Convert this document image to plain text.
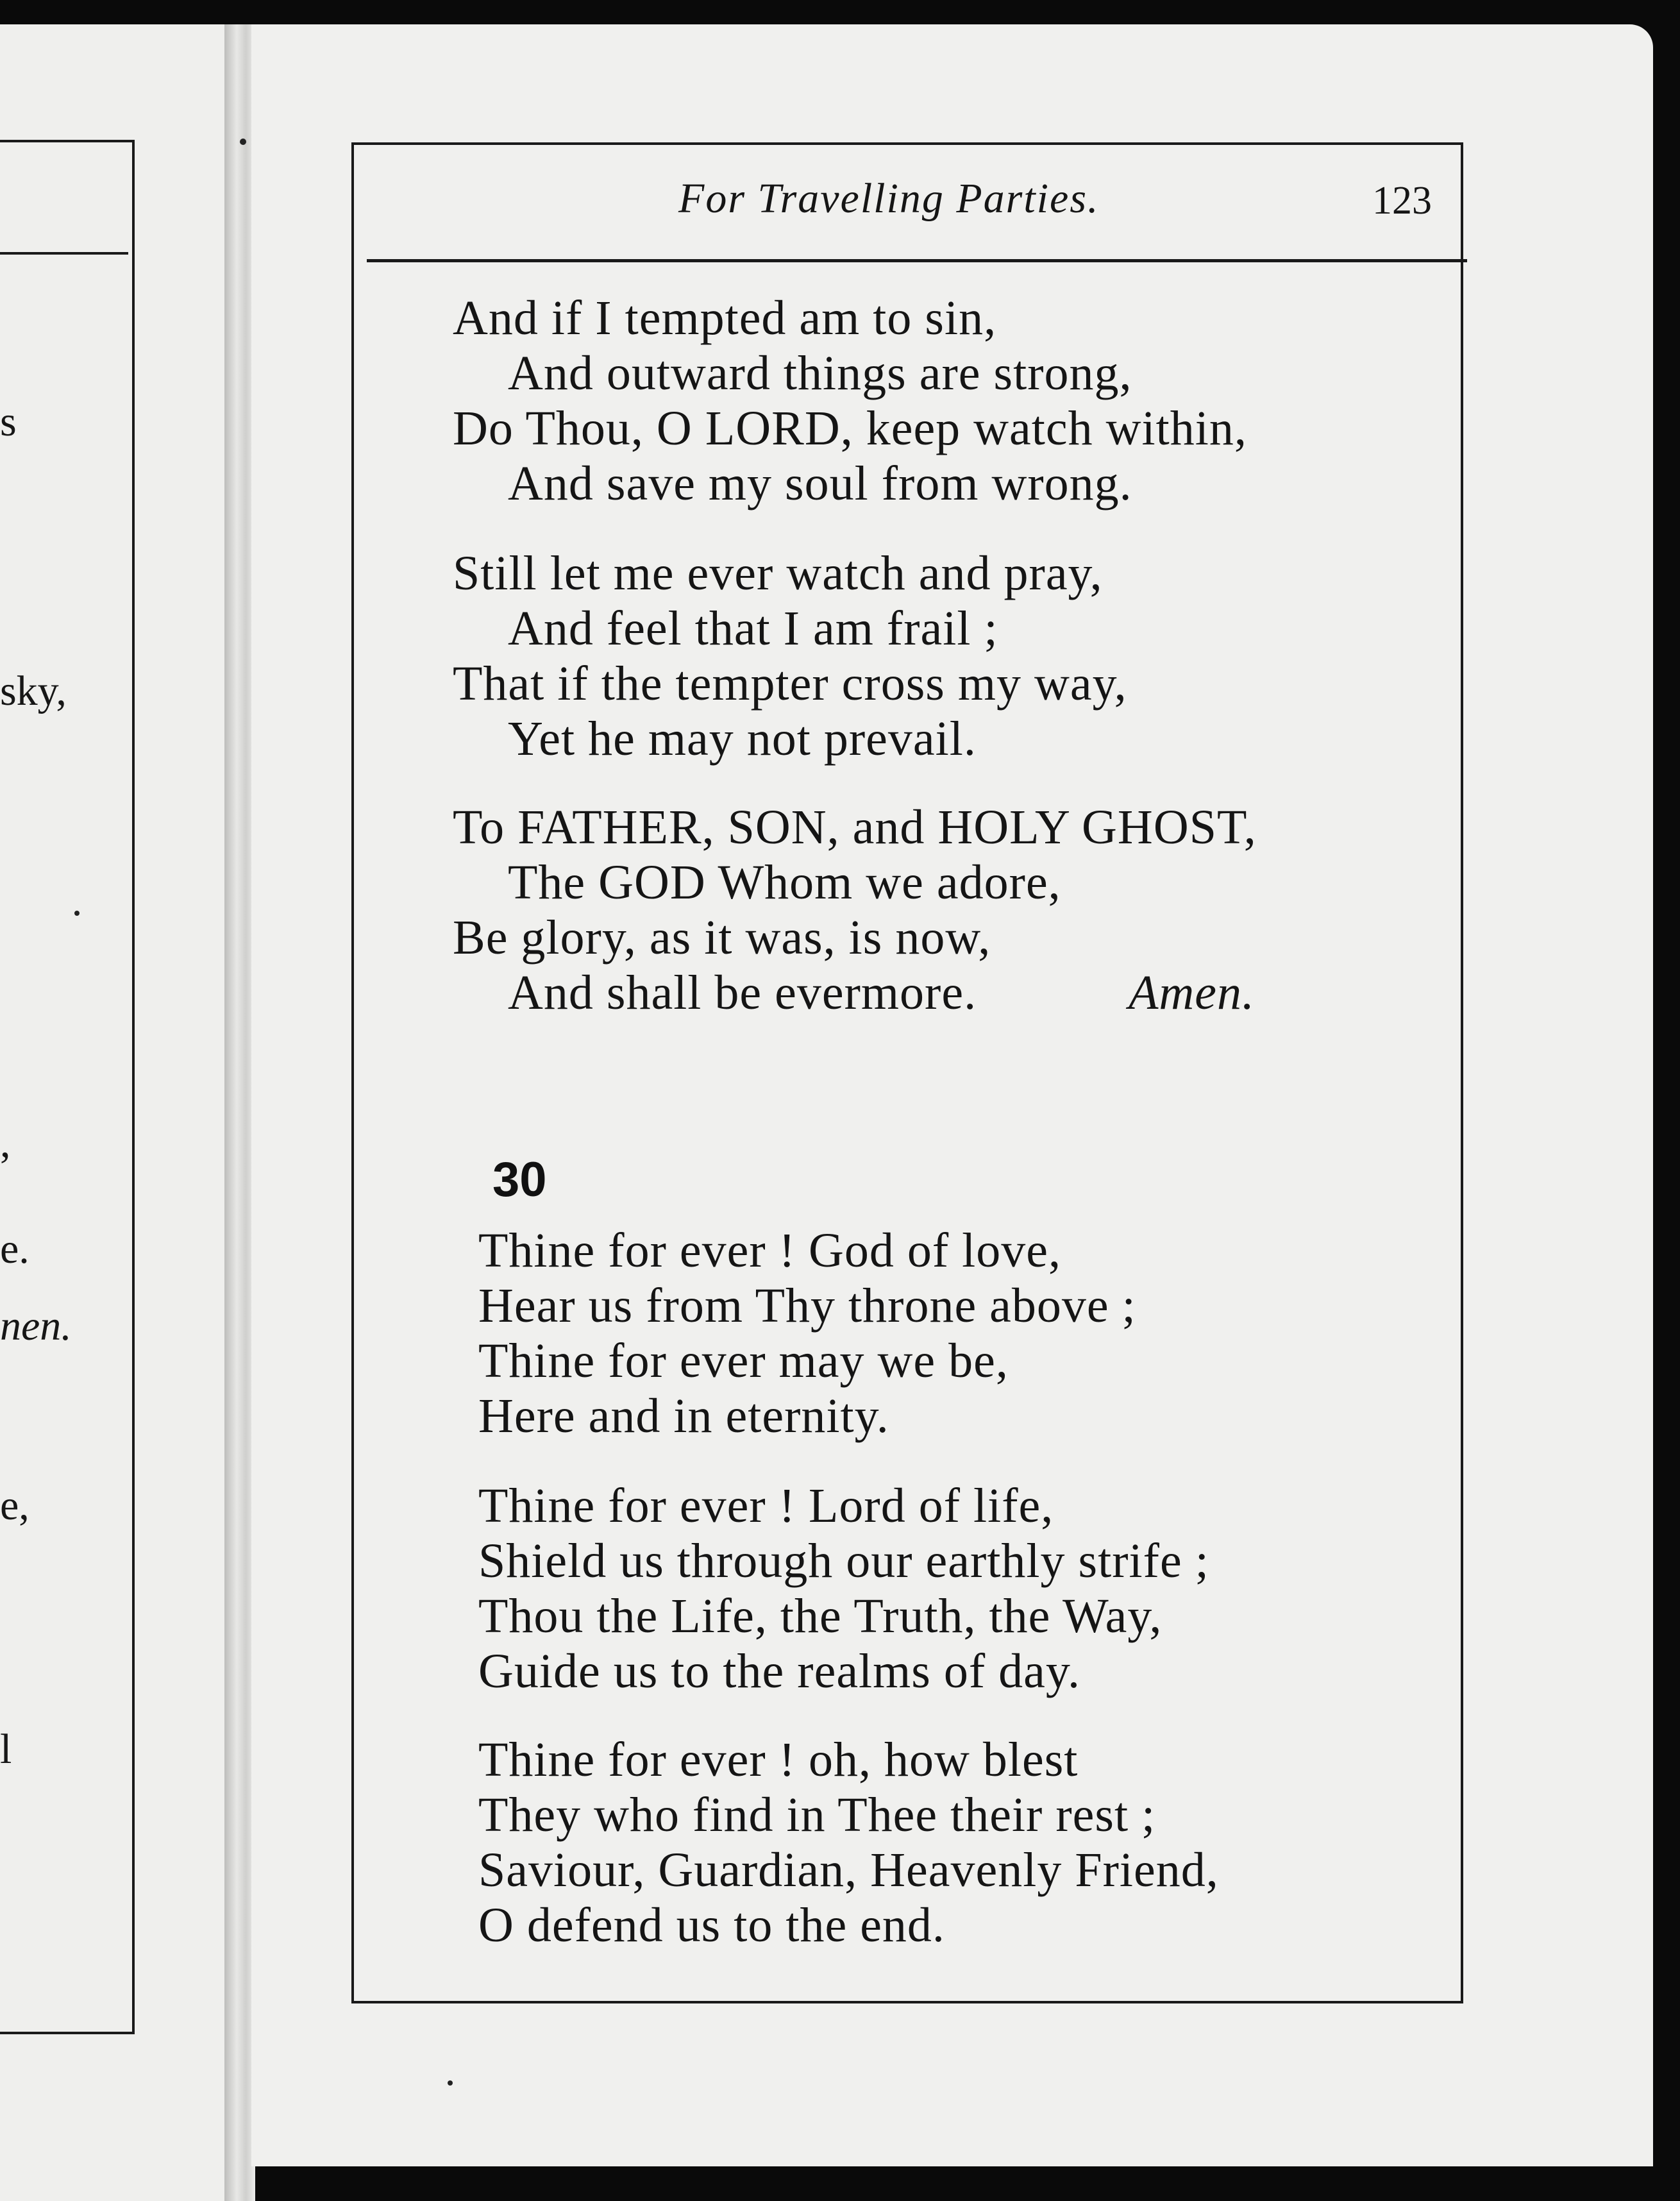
s
sky,
,
e.
nen.
e,
l
For Travelling Parties.	123
And if I tempted am to sin,
And outward things are strong,
Do Thou, O LORD, keep watch within,
And save my soul from wrong.
Still let me ever watch and pray,
And feel that I am frail ;
That if the tempter cross my way,
Yet he may not prevail.
To FATHER, SON, and HOLY GHOST,
The GOD Whom we adore,
Be glory, as it was, is now,
And shall be evermore.	Amen.
30
Thine for ever ! God of love,
Hear us from Thy throne above ;
Thine for ever may we be,
Here and in eternity.
Thine for ever ! Lord of life,
Shield us through our earthly strife ;
Thou the Life, the Truth, the Way,
Guide us to the realms of day.
Thine for ever ! oh, how blest
They who find in Thee their rest ;
Saviour, Guardian, Heavenly Friend,
O defend us to the end.
